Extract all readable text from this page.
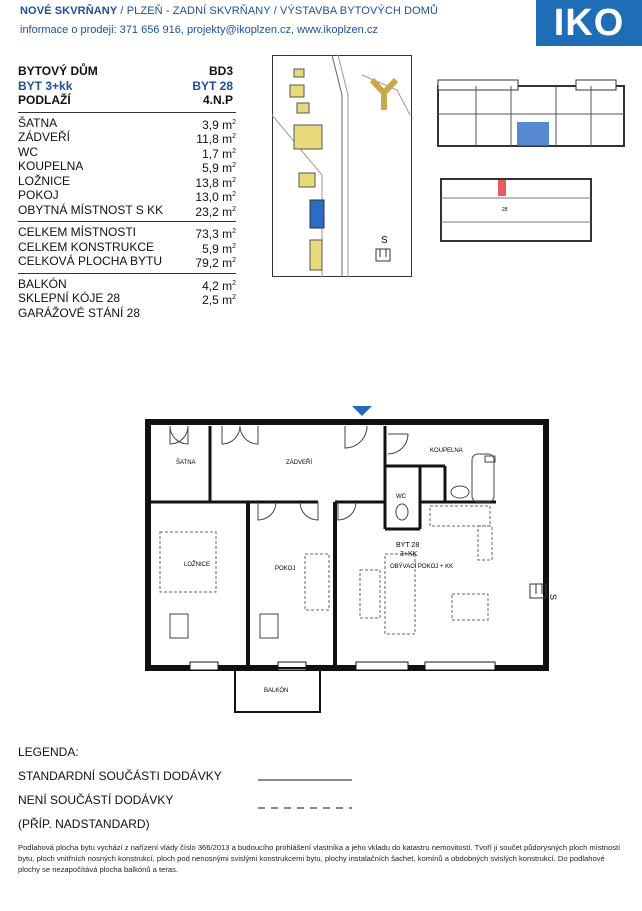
NOVÉ SKVRŇANY / PLZEŇ - ZADNÍ SKVRŇANY / VÝSTAVBA BYTOVÝCH DOMŮ
informace o prodeji: 371 656 916, projekty@ikoplzen.cz, www.ikoplzen.cz	IKO
BYTOVÝ DŮM	BD3
BYT 3+kk	BYT 28
PODLAŽÍ	4.N.P
ŠATNA	3,9 $m^2$
ZÁDVEŘÍ	11,8 $m^2$
WC	1,7 $m^2$
KOUPELNA	5,9 $m^2$
LOŽNICE	13,8 $m^2$
POKOJ	13,0 $m^2$
OBYTNÁ MÍSTNOST S KK	23,2 $m^2$
CELKEM MÍSTNOSTI	73,3 $m^2$
CELKEM KONSTRUKCE	5,9 $m^2$
CELKOVÁ PLOCHA BYTU	79,2 $m^2$
BALKÓN	4,2 $m^2$
SKLEPNÍ KÓJE 28	2,5 $m^2$
GARÁŽOVÉ STÁNÍ 28
S
28
S
ŠATNA	ZÁDVEŘÍ
KOUPELNA
WC
LOŽNICE
POKOJ
BYT 28
3+KK
OBÝVACÍ POKOJ + KK
BALKÓN
LEGENDA:
STANDARDNÍ SOUČÁSTI DODÁVKY
NENÍ SOUČÁSTÍ DODÁVKY
(PŘÍP. NADSTANDARD)
Podlahová plocha bytu vychází z nařízení vlády číslo 366/2013 a budoucího prohlášení vlastníka a jeho vkladu do katastru nemovitostí. Tvoří ji součet půdorysných ploch místností bytu, ploch vnitřních nosných konstrukcí, ploch pod nenosnými svislými konstrukcemi bytu, plochy instalačních šachet, komínů a obdobných svislých konstrukcí. Do podlahové plochy se nezapočítává plocha balkónů a teras.
